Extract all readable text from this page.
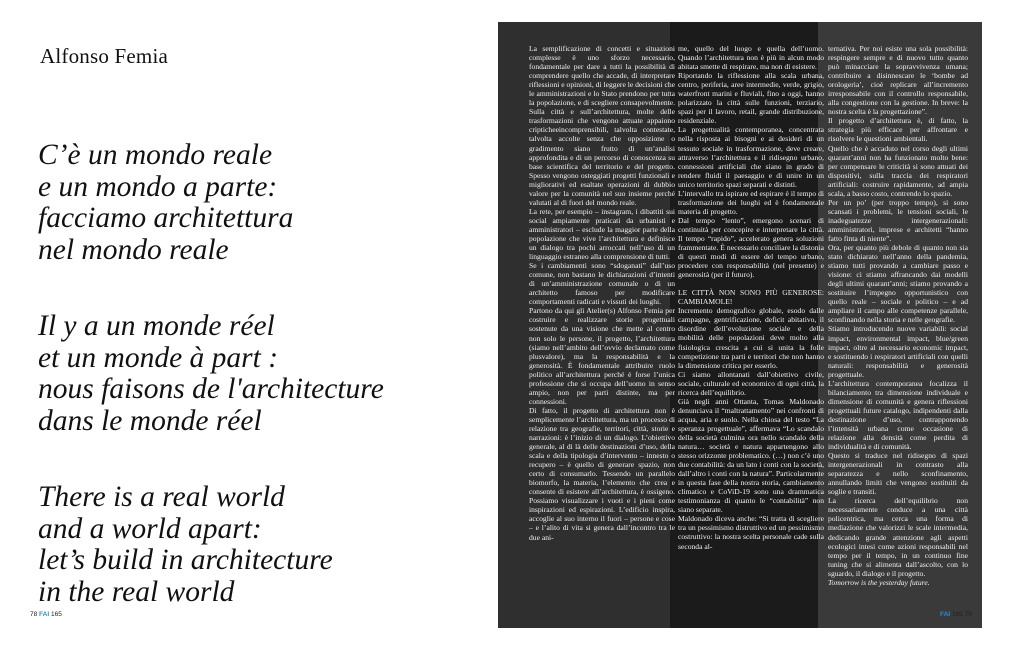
Alfonso Femia
C’è un mondo reale
e un mondo a parte:
facciamo architettura
nel mondo reale
Il y a un monde réel
et un monde à part :
nous faisons de l'architecture
dans le monde réel
There is a real world
and a world apart:
let’s build in architecture
in the real world
78 FAI 165

La semplificazione di concetti e situazioni complesse è uno sforzo necessario, fondamentale per dare a tutti la possibilità di comprendere quello che accade, di interpretare riflessioni e opinioni, di leggere le decisioni che le amministrazioni e lo Stato prendono per tutta la popolazione, e di scegliere consapevolmente. Sulla città e sull’architettura, molte delle trasformazioni che vengono attuate appaiono cripticheeincomprensibili, talvolta contestate, talvolta accolte senza che opposizione o gradimento siano frutto di un’analisi approfondita e di un percorso di conoscenza su base scientifica del territorio e del progetto. Spesso vengono osteggiati progetti funzionali e migliorativi ed esaltate operazioni di dubbio valore per la comunità nel suo insieme perché valutati al di fuori del mondo reale.

La rete, per esempio – instagram, i dibattiti sui social ampiamente praticati da urbanisti e amministratori – esclude la maggior parte della popolazione che vive l’architettura e definisce un dialogo tra pochi arroccati nell’uso di un linguaggio estraneo alla comprensione di tutti.

Se i cambiamenti sono “sdoganati” dall’uso comune, non bastano le dichiarazioni d’intenti di un’amministrazione comunale o di un architetto famoso per modificare comportamenti radicati e vissuti dei luoghi.

Partono da qui gli Atelier(s) Alfonso Femia per costruire e realizzare storie progettuali sostenute da una visione che mette al centro non solo le persone, il progetto, l’architettura (siamo nell’ambito dell’ovvio declamato come plusvalore), ma la responsabilità e la generosità. È fondamentale attribuire ruolo politico all’architettura perché è forse l’unica professione che si occupa dell’uomo in senso ampio, non per parti distinte, ma per connessioni.

Di fatto, il progetto di architettura non è semplicemente l’architettura, ma un processo di relazione tra geografie, territori, città, storie e narrazioni: è l’inizio di un dialogo. L’obiettivo generale, al di là delle destinazioni d’uso, della scala e della tipologia d’intervento – innesto o recupero – è quello di generare spazio, non certo di consumarlo. Tessendo un parallelo biomorfo, la materia, l’elemento che crea e consente di esistere all’architettura, è ossigeno. Possiamo visualizzare i vuoti e i pieni come inspirazioni ed espirazioni. L’edificio inspira, accoglie al suo interno il fuori – persone e cose – e l’alito di vita si genera dall’incontro tra le due ani-

me, quello del luogo e quella dell’uomo. Quando l’architettura non è più in alcun modo abitata smette di respirare, ma non di esistere.

Riportando la riflessione alla scala urbana, centro, periferia, aree intermedie, verde, grigio, waterfront marini e fluviali, fino a oggi, hanno polarizzato la città sulle funzioni, terziario, spazi per il lavoro, retail, grande distribuzione, residenziale.

La progettualità contemporanea, concentrata nella risposta ai bisogni e ai desideri di un tessuto sociale in trasformazione, deve creare, attraverso l’architettura e il ridisegno urbano, connessioni artificiali che siano in grado di rendere fluidi il paesaggio e di unire in un unico territorio spazi separati e distinti.

L’intervallo tra ispirare ed espirare è il tempo di trasformazione dei luoghi ed è fondamentale materia di progetto.

Dal tempo “lento”, emergono scenari di continuità per concepire e interpretare la città. Il tempo “rapido”, accelerato genera soluzioni frammentate. È necessario conciliare la distonia di questi modi di essere del tempo urbano, procedere con responsabilità (nel presente) e generosità (per il futuro).

LE CITTÀ NON SONO PIÙ GENEROSE: CAMBIAMOLE!

Incremento demografico globale, esodo dalle campagne, gentrificazione, deficit abitativo, il disordine dell’evoluzione sociale e della mobilità delle popolazioni deve molto alla fisiologica crescita a cui si unita la folle competizione tra parti e territori che non hanno la dimensione critica per esserlo.

Ci siamo allontanati dall’obiettivo civile, sociale, culturale ed economico di ogni città, la ricerca dell’equilibrio.

Già negli anni Ottanta, Tomas Maldonado denunciava il “maltrattamento” nei confronti di acqua, aria e suolo. Nella chiosa del testo “La speranza progettuale”, affermava “Lo scandalo della società culmina ora nello scandalo della natura… società e natura appartengono allo stesso orizzonte problematico. (…) non c’è uno due contabilità: da un lato i conti con la società, dall’altro i conti con la natura”. Particolarmente in questa fase della nostra storia, cambiamento climatico e CoViD-19 sono una drammatica testimonianza di quanto le “contabilità” non siano separate.

Maldonado diceva anche: “Si tratta di scegliere tra un pessimismo distruttivo ed un pessimismo costruttivo: la nostra scelta personale cade sulla seconda al-

ternativa. Per noi esiste una sola possibilità: respingere sempre e di nuovo tutto quanto può minacciare la sopravvivenza umana; contribuire a disinnescare le ‘bombe ad orologeria’, cioè replicare all’incremento irresponsabile con il controllo responsabile, alla congestione con la gestione. In breve: la nostra scelta è la progettazione”.

Il progetto d’architettura è, di fatto, la strategia più efficace per affrontare e risolvere le questioni ambientali.

Quello che è accaduto nel corso degli ultimi quarant’anni non ha funzionato molto bene: per compensare le criticità si sono attuati dei dispositivi, sulla traccia dei respiratori artificiali: costruire rapidamente, ad ampia scala, a basso costo, contrendo lo spazio.

Per un po’ (per troppo tempo), si sono scansati i problemi, le tensioni sociali, le inadeguatezze intergenerazionali: amministratori, imprese e architetti “hanno fatto finta di niente”.

Ora, per quanto più debole di quanto non sia stato dichiarato nell’anno della pandemia, stiamo tutti provando a cambiare passo e visione: ci stiamo affrancando dai modelli degli ultimi quarant’anni; stiamo provando a sostituire l’impegno opportunistico con quello reale – sociale e politico – e ad ampliare il campo alle competenze parallele, sconfinando nella storia e nelle geografie.

Stiamo introducendo nuove variabili: social impact, environmental impact, blue/green impact, oltre al necessario economic impact, e sostituendo i respiratori artificiali con quelli naturali: responsabilità e generosità progettuale.

L’architettura contemporanea focalizza il bilanciamento tra dimensione individuale e dimensione di comunità e genera riflessioni progettuali future catalogo, indipendenti dalla destinazione d’uso, contrapponendo l’intensità urbana come occasione di relazione alla densità come perdita di individualità e di comunità.

Questo si traduce nel ridisegno di spazi intergenerazionali in contrasto alla separatezza e nello sconfinamento, annullando limiti che vengono sostituiti da soglie e transiti.

La ricerca dell’equilibrio non necessariamente conduce a una città policentrica, ma cerca una forma di mediazione che valorizzi le scale intermedia, dedicando grande attenzione agli aspetti ecologici intesi come azioni responsabili nel tempo per il tempo, in un continuo fine tuning che si alimenta dall’ascolto, con lo sguardo, il dialogo e il progetto.

Tomorrow is the yesterday future.

FAI 165 79
